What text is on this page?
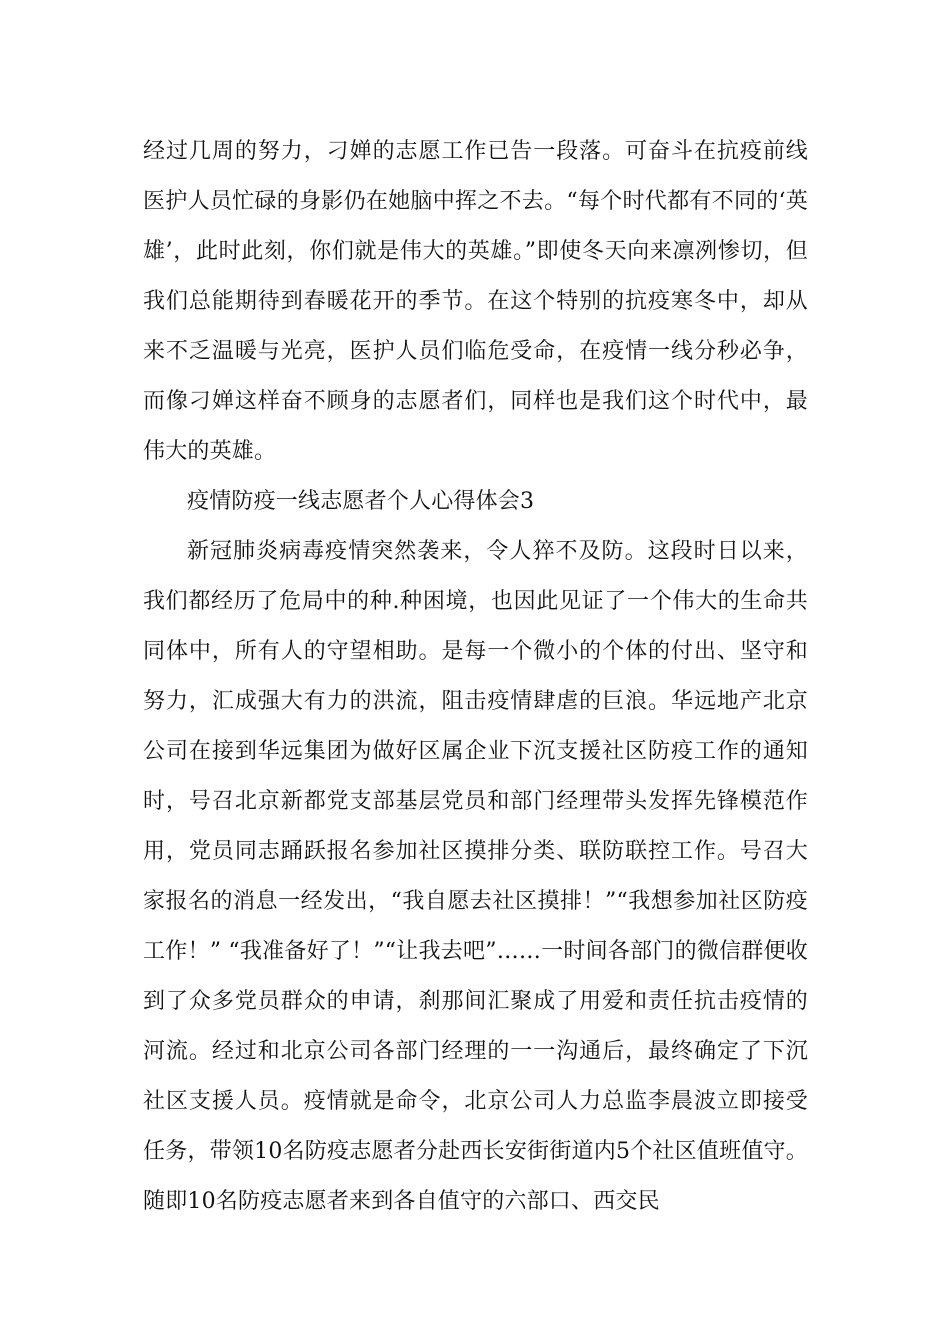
经过几周的努力，刁婵的志愿工作已告一段落。可奋斗在抗疫前线医护人员忙碌的身影仍在她脑中挥之不去。“每个时代都有不同的‘英雄’，此时此刻，你们就是伟大的英雄。”即使冬天向来凛冽惨切，但我们总能期待到春暖花开的季节。在这个特别的抗疫寒冬中，却从来不乏温暖与光亮，医护人员们临危受命，在疫情一线分秒必争，而像刁婵这样奋不顾身的志愿者们，同样也是我们这个时代中，最伟大的英雄。

疫情防疫一线志愿者个人心得体会3

新冠肺炎病毒疫情突然袭来，令人猝不及防。这段时日以来，我们都经历了危局中的种.种困境，也因此见证了一个伟大的生命共同体中，所有人的守望相助。是每一个微小的个体的付出、坚守和努力，汇成强大有力的洪流，阻击疫情肆虐的巨浪。华远地产北京公司在接到华远集团为做好区属企业下沉支援社区防疫工作的通知时，号召北京新都党支部基层党员和部门经理带头发挥先锋模范作用，党员同志踊跃报名参加社区摸排分类、联防联控工作。号召大家报名的消息一经发出，“我自愿去社区摸排！”“我想参加社区防疫工作！” “我准备好了！”“让我去吧”……一时间各部门的微信群便收到了众多党员群众的申请，刹那间汇聚成了用爱和责任抗击疫情的河流。经过和北京公司各部门经理的一一沟通后，最终确定了下沉社区支援人员。疫情就是命令，北京公司人力总监李晨波立即接受任务，带领10名防疫志愿者分赴西长安街街道内5个社区值班值守。随即10名防疫志愿者来到各自值守的六部口、西交民
